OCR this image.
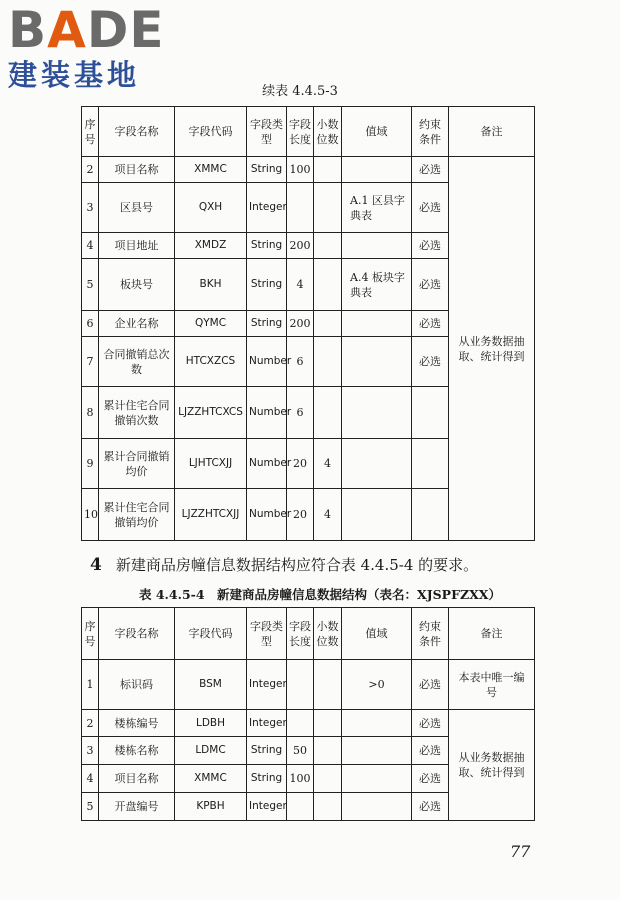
BADE
建装基地	续表 4.4.5-3
序号	字段名称	字段代码	字段类型	字段长度	小数位数	值域	约束条件	备注
2	项目名称	XMMC	String	100			必选	从业务数据抽取、统计得到
3	区县号	QXH	Integer			A.1 区县字典表	必选	
4	项目地址	XMDZ	String	200			必选	
5	板块号	BKH	String	4		A.4 板块字典表	必选	
6	企业名称	QYMC	String	200			必选	
7	合同撤销总次数	HTCXZCS	Number	6			必选	
8	累计住宅合同撤销次数	LJZZHTCXCS	Number	6				
9	累计合同撤销均价	LJHTCXJJ	Number	20	4			
10	累计住宅合同撤销均价	LJZZHTCXJJ	Number	20	4			
4 新建商品房幢信息数据结构应符合表 4.4.5-4 的要求。
表 4.4.5-4　新建商品房幢信息数据结构（表名：XJSPFZXX）
序号	字段名称	字段代码	字段类型	字段长度	小数位数	值域	约束条件	备注
1	标识码	BSM	Integer			>0	必选	本表中唯一编号
2	楼栋编号	LDBH	Integer				必选	从业务数据抽取、统计得到
3	楼栋名称	LDMC	String	50			必选	
4	项目名称	XMMC	String	100			必选	
5	开盘编号	KPBH	Integer				必选	
77
